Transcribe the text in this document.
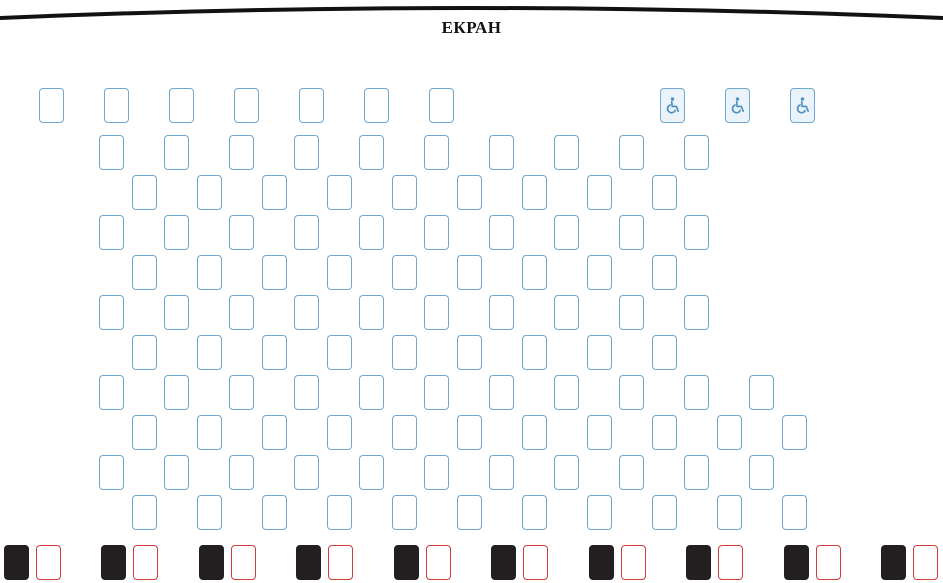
ЕКРАН
